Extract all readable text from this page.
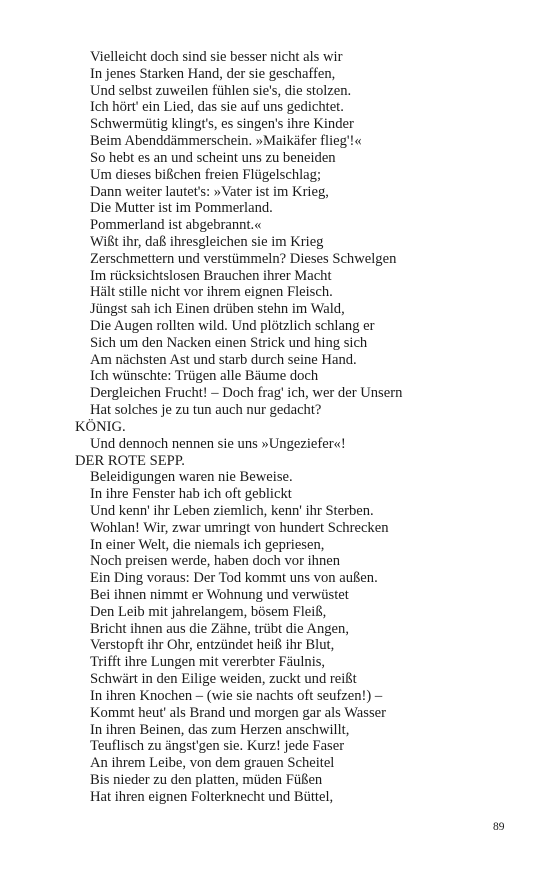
Vielleicht doch sind sie besser nicht als wir
In jenes Starken Hand, der sie geschaffen,
Und selbst zuweilen fühlen sie's, die stolzen.
Ich hört' ein Lied, das sie auf uns gedichtet.
Schwermütig klingt's, es singen's ihre Kinder
Beim Abenddämmerschein. »Maikäfer flieg'!«
So hebt es an und scheint uns zu beneiden
Um dieses bißchen freien Flügelschlag;
Dann weiter lautet's: »Vater ist im Krieg,
Die Mutter ist im Pommerland.
Pommerland ist abgebrannt.«
Wißt ihr, daß ihresgleichen sie im Krieg
Zerschmettern und verstümmeln? Dieses Schwelgen
Im rücksichtslosen Brauchen ihrer Macht
Hält stille nicht vor ihrem eignen Fleisch.
Jüngst sah ich Einen drüben stehn im Wald,
Die Augen rollten wild. Und plötzlich schlang er
Sich um den Nacken einen Strick und hing sich
Am nächsten Ast und starb durch seine Hand.
Ich wünschte: Trügen alle Bäume doch
Dergleichen Frucht! – Doch frag' ich, wer der Unsern
Hat solches je zu tun auch nur gedacht?
KÖNIG.
Und dennoch nennen sie uns »Ungeziefer«!
DER ROTE SEPP.
Beleidigungen waren nie Beweise.
In ihre Fenster hab ich oft geblickt
Und kenn' ihr Leben ziemlich, kenn' ihr Sterben.
Wohlan! Wir, zwar umringt von hundert Schrecken
In einer Welt, die niemals ich gepriesen,
Noch preisen werde, haben doch vor ihnen
Ein Ding voraus: Der Tod kommt uns von außen.
Bei ihnen nimmt er Wohnung und verwüstet
Den Leib mit jahrelangem, bösem Fleiß,
Bricht ihnen aus die Zähne, trübt die Angen,
Verstopft ihr Ohr, entzündet heiß ihr Blut,
Trifft ihre Lungen mit vererbter Fäulnis,
Schwärt in den Eilige weiden, zuckt und reißt
In ihren Knochen – (wie sie nachts oft seufzen!) –
Kommt heut' als Brand und morgen gar als Wasser
In ihren Beinen, das zum Herzen anschwillt,
Teuflisch zu ängst'gen sie. Kurz! jede Faser
An ihrem Leibe, von dem grauen Scheitel
Bis nieder zu den platten, müden Füßen
Hat ihren eignen Folterknecht und Büttel,
89
